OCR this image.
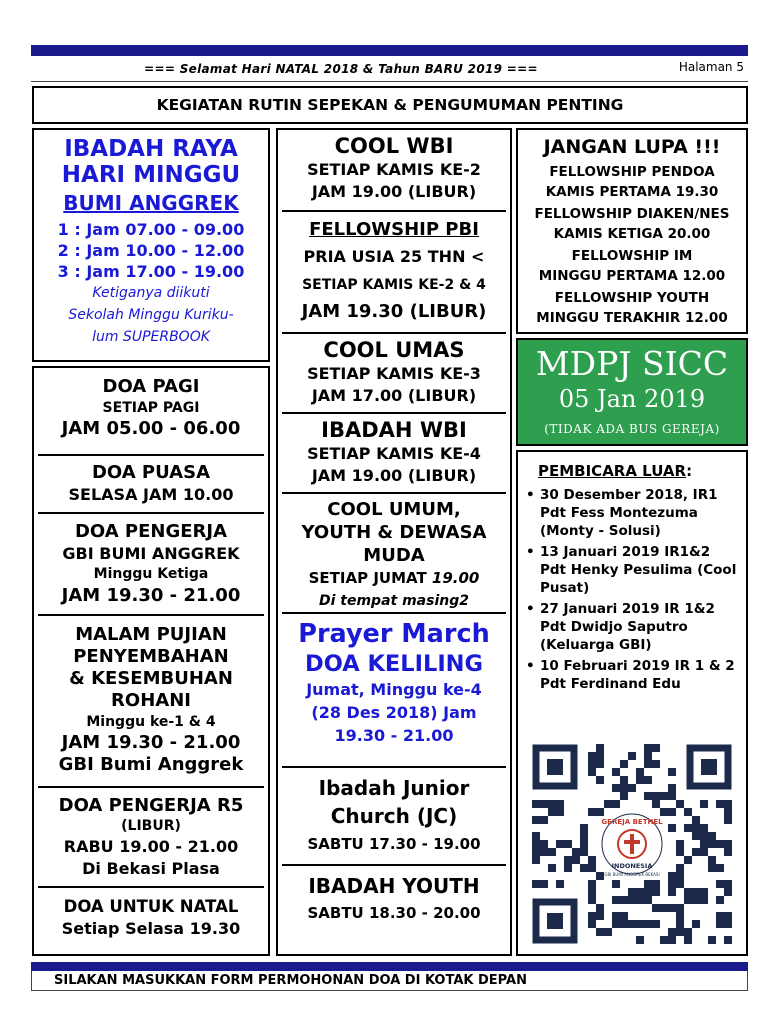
=== Selamat Hari NATAL 2018 & Tahun BARU 2019 ===	Halaman 5
KEGIATAN RUTIN SEPEKAN & PENGUMUMAN PENTING
IBADAH RAYA
HARI MINGGU
BUMI ANGGREK
1 : Jam 07.00 - 09.00
2 : Jam 10.00 - 12.00
3 : Jam 17.00 - 19.00
Ketiganya diikuti
Sekolah Minggu Kuriku-
lum SUPERBOOK
DOA PAGI
SETIAP PAGI
JAM 05.00 - 06.00
DOA PUASA
SELASA JAM 10.00
DOA PENGERJA
GBI BUMI ANGGREK
Minggu Ketiga
JAM 19.30 - 21.00
MALAM PUJIAN
PENYEMBAHAN
& KESEMBUHAN
ROHANI
Minggu ke-1 & 4
JAM 19.30 - 21.00
GBI Bumi Anggrek
DOA PENGERJA R5
(LIBUR)
RABU 19.00 - 21.00
Di Bekasi Plasa
DOA UNTUK NATAL
Setiap Selasa 19.30
COOL WBI
SETIAP KAMIS KE-2
JAM 19.00 (LIBUR)
FELLOWSHIP PBI
PRIA USIA 25 THN <
SETIAP KAMIS KE-2 & 4
JAM 19.30 (LIBUR)
COOL UMAS
SETIAP KAMIS KE-3
JAM 17.00 (LIBUR)
IBADAH WBI
SETIAP KAMIS KE-4
JAM 19.00 (LIBUR)
COOL UMUM,
YOUTH & DEWASA
MUDA
SETIAP JUMAT 19.00
Di tempat masing2
Prayer March
DOA KELILING
Jumat, Minggu ke-4
(28 Des 2018) Jam
19.30 - 21.00
Ibadah Junior
Church (JC)
SABTU 17.30 - 19.00
IBADAH YOUTH
SABTU 18.30 - 20.00
JANGAN LUPA !!!
FELLOWSHIP PENDOA
KAMIS PERTAMA 19.30
FELLOWSHIP DIAKEN/NES
KAMIS KETIGA 20.00
FELLOWSHIP IM
MINGGU PERTAMA 12.00
FELLOWSHIP YOUTH
MINGGU TERAKHIR 12.00
MDPJ SICC
05 Jan 2019
(TIDAK ADA BUS GEREJA)
PEMBICARA LUAR:
• 30 Desember 2018, IR1 Pdt Fess Montezuma (Monty - Solusi)
• 13 Januari 2019 IR1&2 Pdt Henky Pesulima (Cool Pusat)
• 27 Januari 2019 IR 1&2 Pdt Dwidjo Saputro (Keluarga GBI)
• 10 Februari 2019 IR 1 & 2 Pdt Ferdinand Edu
GEREJA BETHEL
INDONESIA
GBI BUMI ANGGREK BEKASI
SILAKAN MASUKKAN FORM PERMOHONAN DOA DI KOTAK DEPAN
